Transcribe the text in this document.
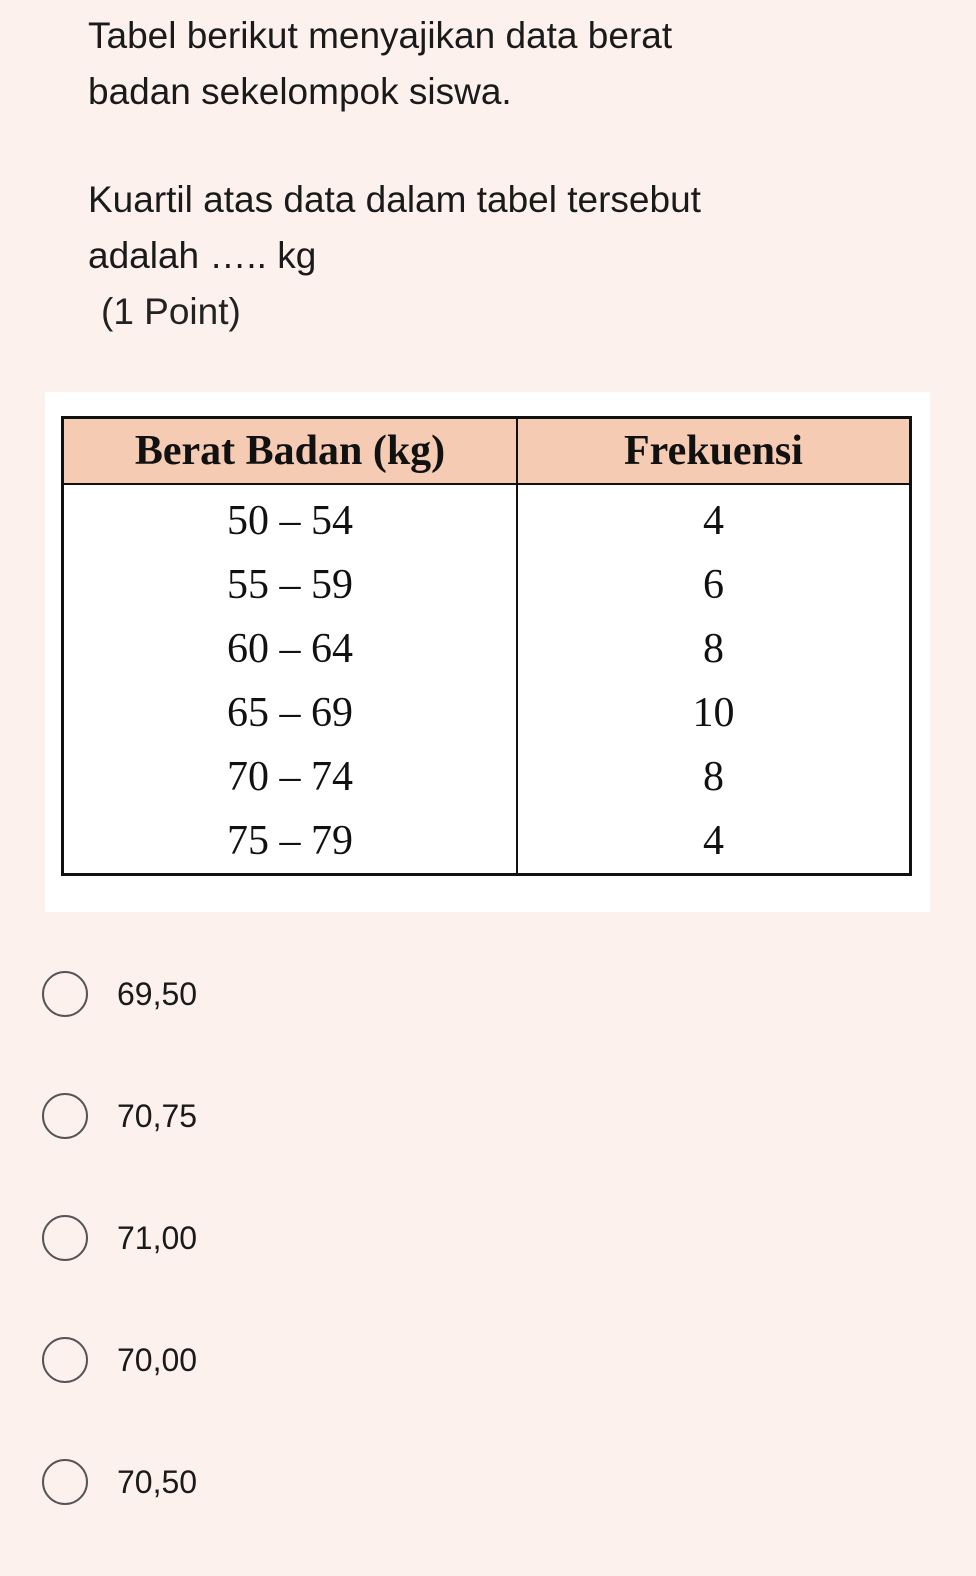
Tabel berikut menyajikan data berat

badan sekelompok siswa.

Kuartil atas data dalam tabel tersebut

adalah ….. kg

(1 Point)

Berat Badan (kg)	Frekuensi
50 – 54	4
55 – 59	6
60 – 64	8
65 – 69	10
70 – 74	8
75 – 79	4
69,50
70,75
71,00
70,00
70,50
